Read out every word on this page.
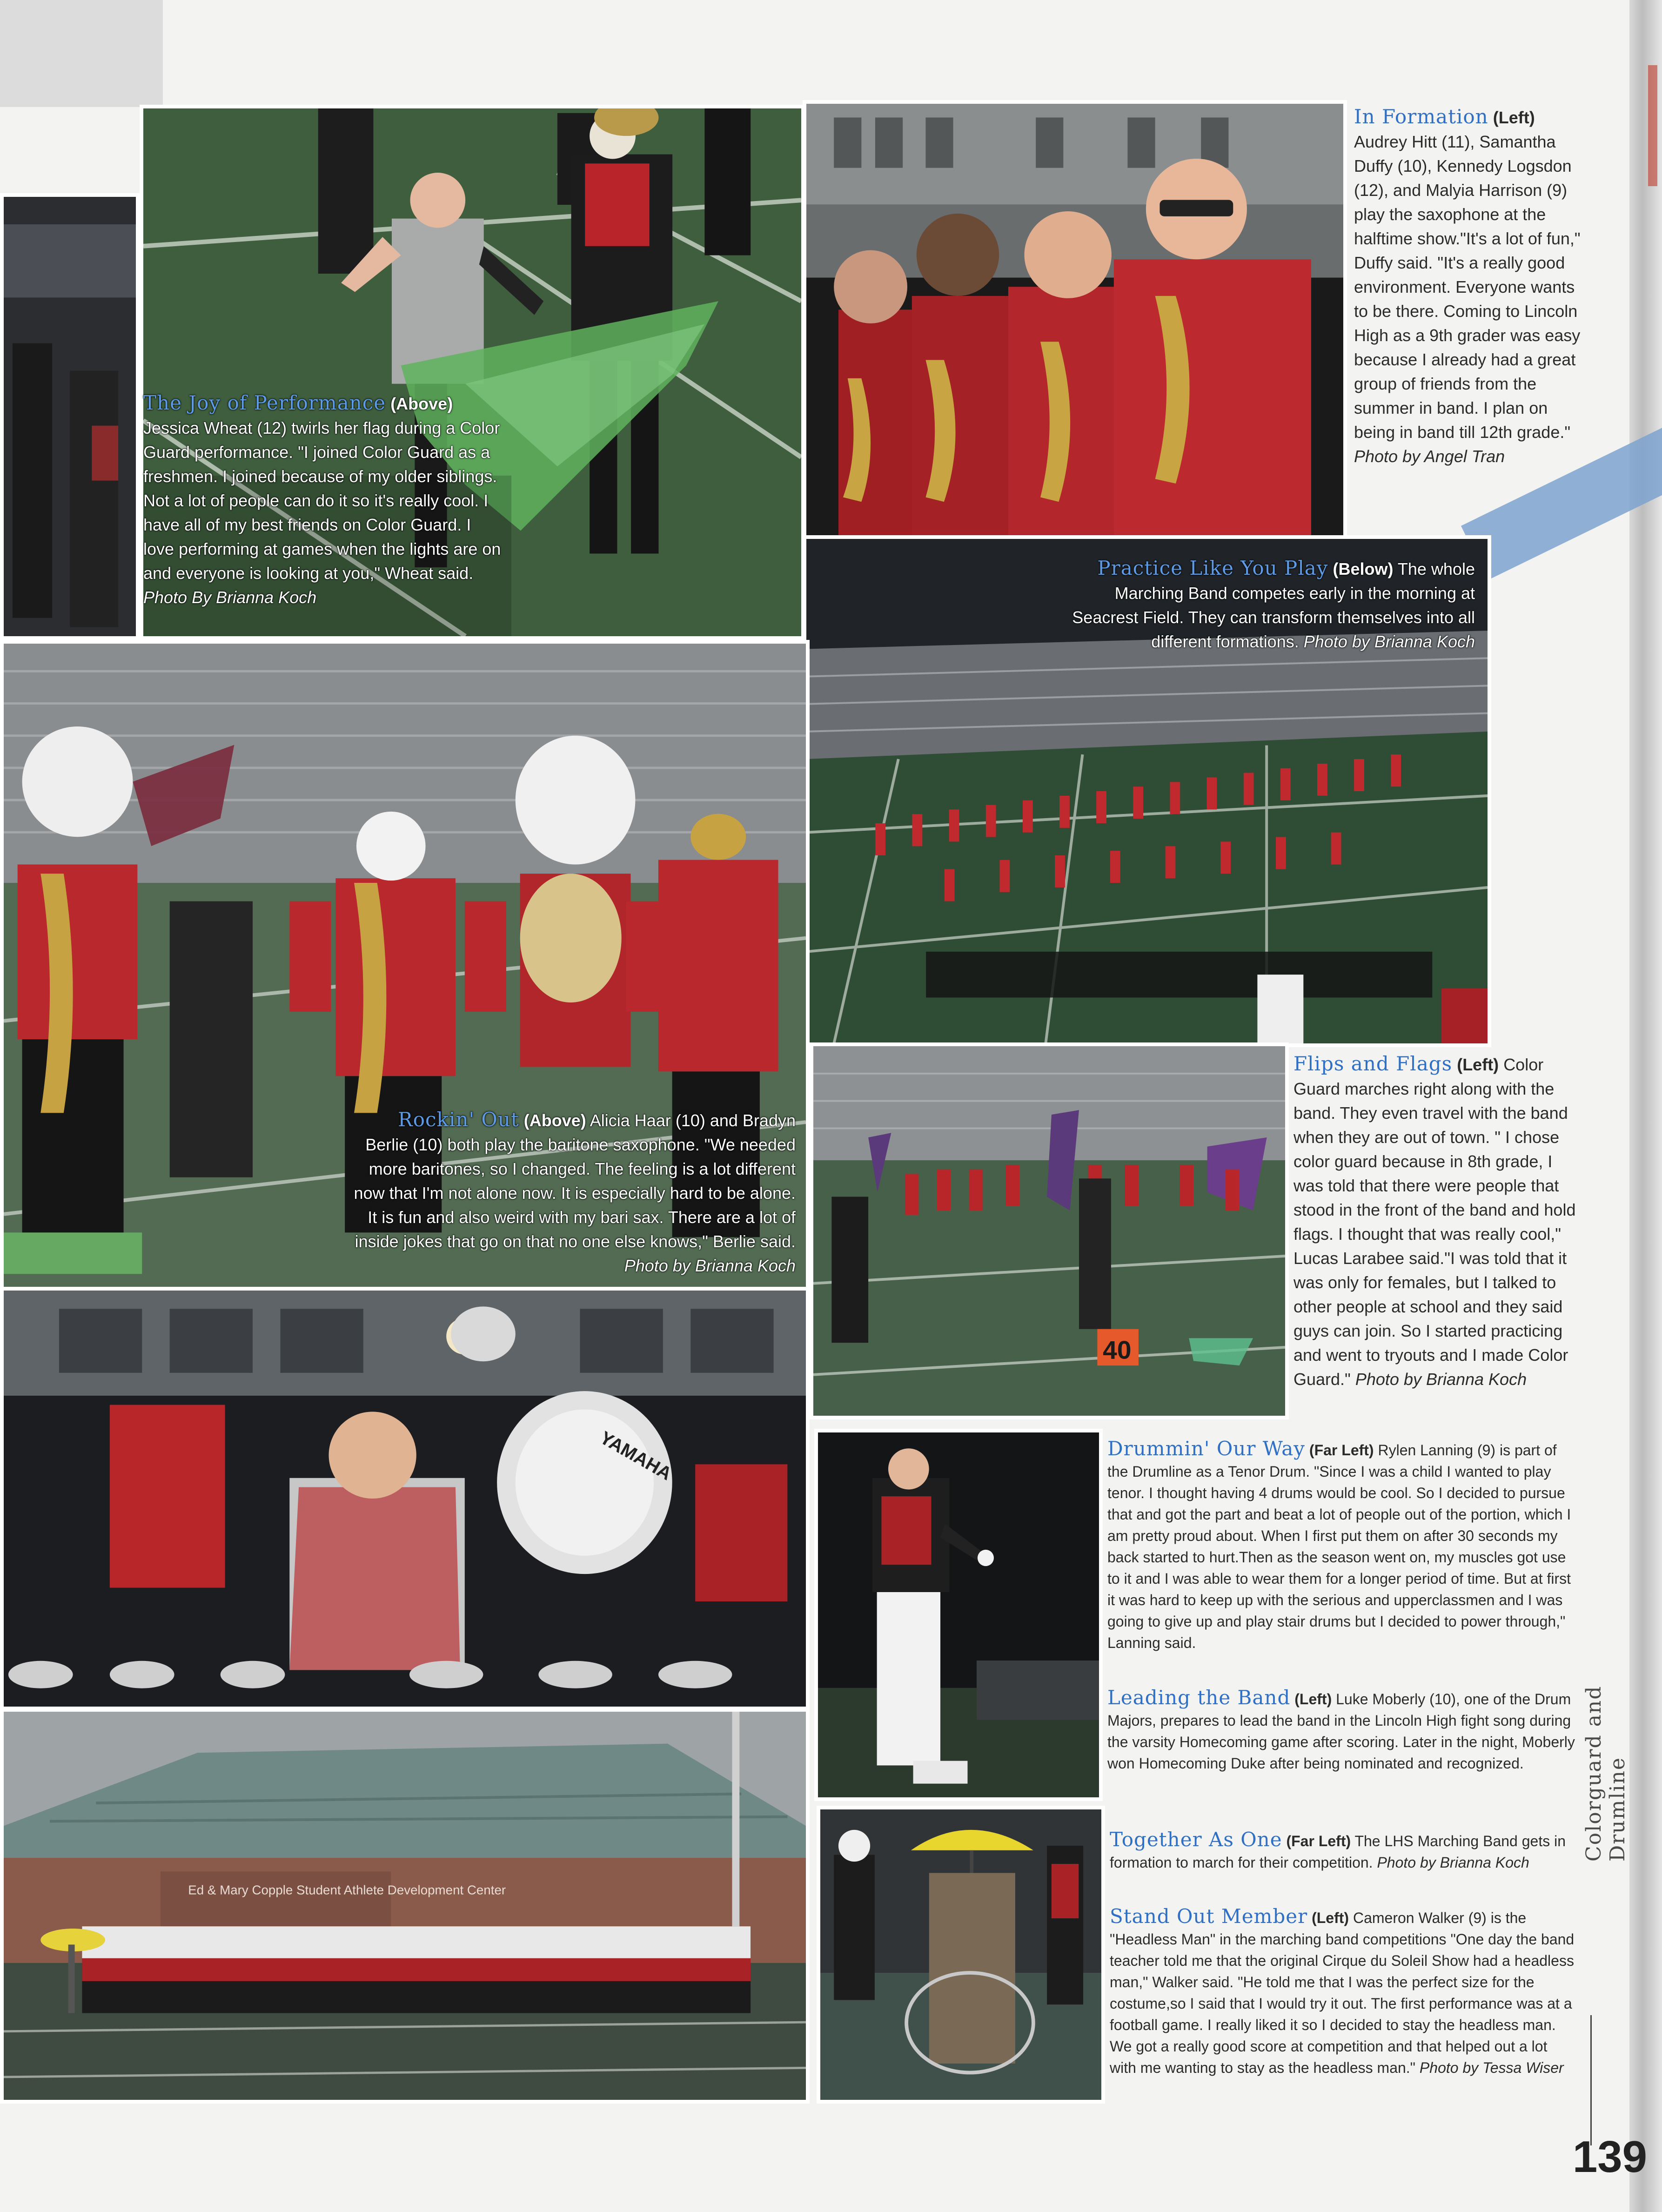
YAMAHA
Ed & Mary Copple Student Athlete Development Center
40
The Joy of Performance (Above) Jessica Wheat (12) twirls her flag during a Color Guard performance. "I joined Color Guard as a freshmen. I joined because of my older siblings. Not a lot of people can do it so it's really cool. I have all of my best friends on Color Guard. I love performing at games when the lights are on and everyone is looking at you," Wheat said. Photo By Brianna Koch
In Formation (Left) Audrey Hitt (11), Samantha Duffy (10), Kennedy Logsdon (12), and Malyia Harrison (9) play the saxophone at the halftime show."It's a lot of fun," Duffy said. "It's a really good environment. Everyone wants to be there. Coming to Lincoln High as a 9th grader was easy because I already had a great group of friends from the summer in band. I plan on being in band till 12th grade." Photo by Angel Tran
Practice Like You Play (Below) The whole Marching Band competes early in the morning at Seacrest Field. They can transform themselves into all different formations. Photo by Brianna Koch
Rockin' Out (Above) Alicia Haar (10) and Bradyn Berlie (10) both play the baritone saxophone. "We needed more baritones, so I changed. The feeling is a lot different now that I'm not alone now. It is especially hard to be alone. It is fun and also weird with my bari sax. There are a lot of inside jokes that go on that no one else knows," Berlie said. Photo by Brianna Koch
Flips and Flags (Left) Color Guard marches right along with the band. They even travel with the band when they are out of town. " I chose color guard because in 8th grade, I was told that there were people that stood in the front of the band and hold flags. I thought that was really cool," Lucas Larabee said."I was told that it was only for females, but I talked to other people at school and they said guys can join. So I started practicing and went to tryouts and I made Color Guard." Photo by Brianna Koch
Drummin' Our Way (Far Left) Rylen Lanning (9) is part of the Drumline as a Tenor Drum. "Since I was a child I wanted to play tenor. I thought having 4 drums would be cool. So I decided to pursue that and got the part and beat a lot of people out of the portion, which I am pretty proud about. When I first put them on after 30 seconds my back started to hurt.Then as the season went on, my muscles got use to it and I was able to wear them for a longer period of time. But at first it was hard to keep up with the serious and upperclassmen and I was going to give up and play stair drums but I decided to power through," Lanning said.
Leading the Band (Left) Luke Moberly (10), one of the Drum Majors, prepares to lead the band in the Lincoln High fight song during the varsity Homecoming game after scoring. Later in the night, Moberly won Homecoming Duke after being nominated and recognized.
Together As One (Far Left) The LHS Marching Band gets in formation to march for their competition. Photo by Brianna Koch
Stand Out Member (Left) Cameron Walker (9) is the "Headless Man" in the marching band competitions "One day the band teacher told me that the original Cirque du Soleil Show had a headless man," Walker said. "He told me that I was the perfect size for the costume,so I said that I would try it out. The first performance was at a football game. I really liked it so I decided to stay the headless man. We got a really good score at competition and that helped out a lot with me wanting to stay as the headless man." Photo by Tessa Wiser
Colorguard and Drumline
139
